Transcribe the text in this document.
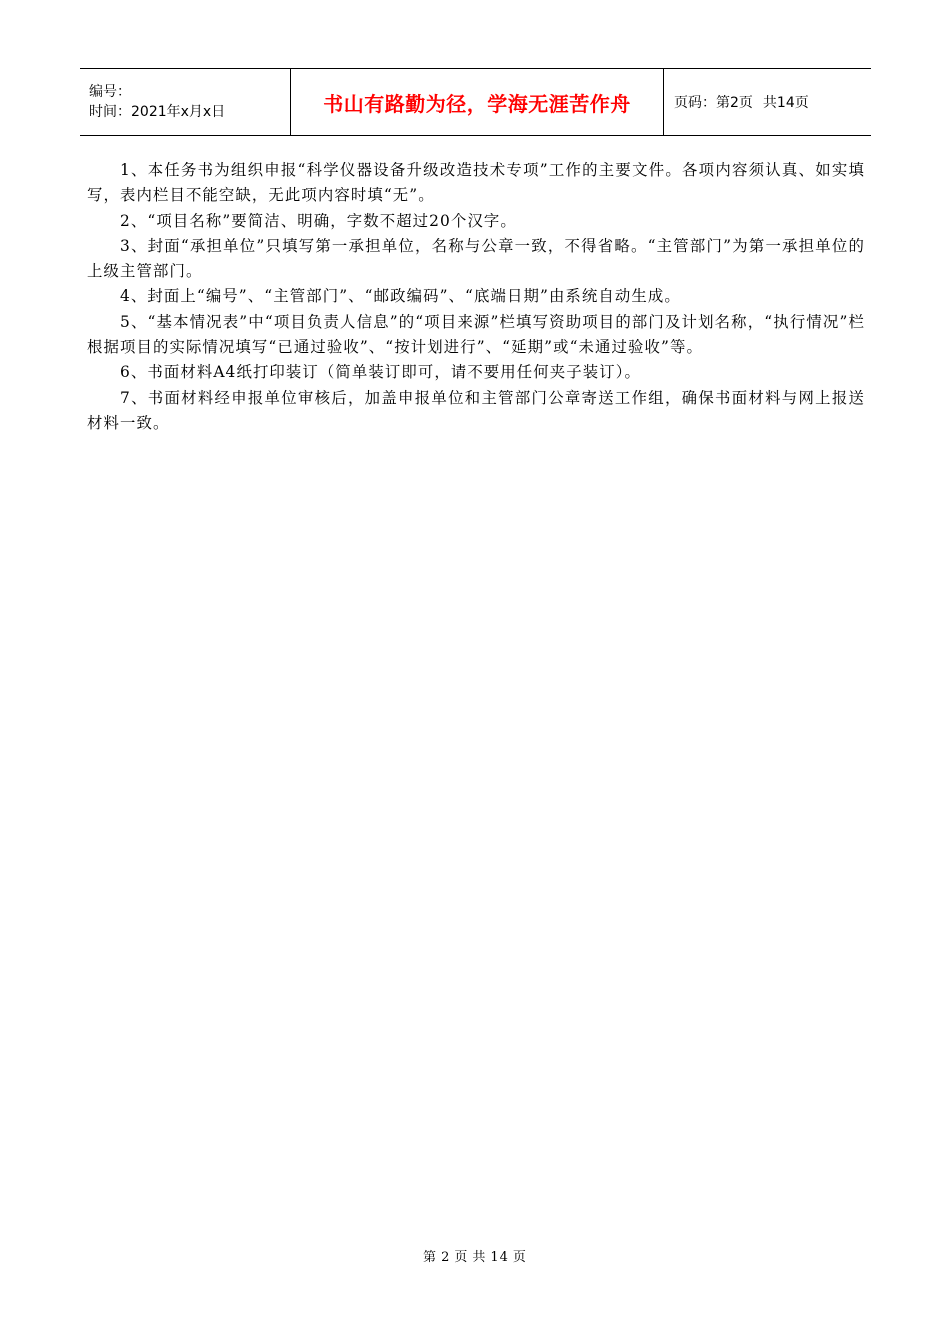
编号：
时间：2021年x月x日	书山有路勤为径，学海无涯苦作舟	页码：第2页 共14页

1、本任务书为组织申报“科学仪器设备升级改造技术专项”工作的主要文件。各项内容须认真、如实填写，表内栏目不能空缺，无此项内容时填“无”。

2、“项目名称”要简洁、明确，字数不超过20个汉字。

3、封面“承担单位”只填写第一承担单位，名称与公章一致，不得省略。“主管部门”为第一承担单位的上级主管部门。

4、封面上“编号”、“主管部门”、“邮政编码”、“底端日期”由系统自动生成。

5、“基本情况表”中“项目负责人信息”的“项目来源”栏填写资助项目的部门及计划名称，“执行情况”栏根据项目的实际情况填写“已通过验收”、“按计划进行”、“延期”或“未通过验收”等。

6、书面材料A4纸打印装订（简单装订即可，请不要用任何夹子装订）。

7、书面材料经申报单位审核后，加盖申报单位和主管部门公章寄送工作组，确保书面材料与网上报送材料一致。

第 2 页 共 14 页
